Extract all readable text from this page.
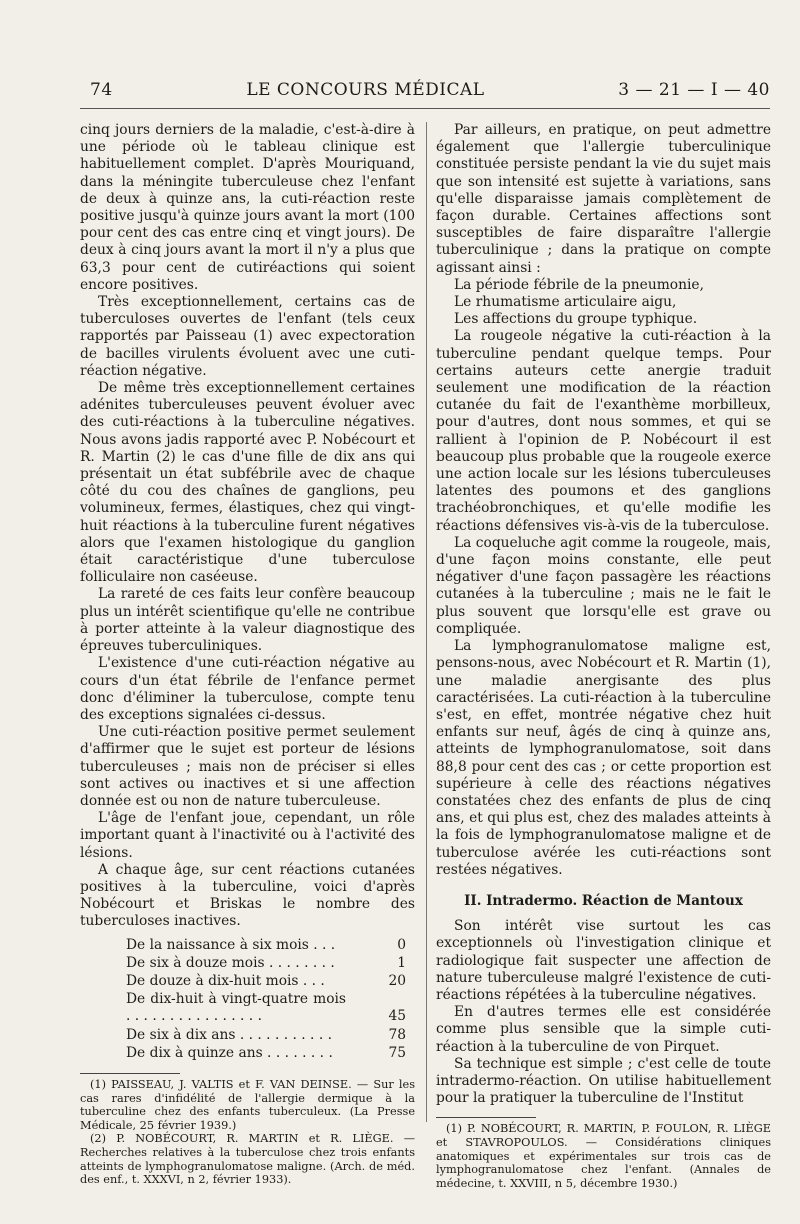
74	LE CONCOURS MÉDICAL	3 — 21 — I — 40

cinq jours derniers de la maladie, c'est-à-dire à une période où le tableau clinique est habituellement complet. D'après Mouriquand, dans la méningite tuberculeuse chez l'enfant de deux à quinze ans, la cuti-réaction reste positive jusqu'à quinze jours avant la mort (100 pour cent des cas entre cinq et vingt jours). De deux à cinq jours avant la mort il n'y a plus que 63,3 pour cent de cutiréactions qui soient encore positives.

Très exceptionnellement, certains cas de tuberculoses ouvertes de l'enfant (tels ceux rapportés par Paisseau (1) avec expectoration de bacilles virulents évoluent avec une cuti-réaction négative.

De même très exceptionnellement certaines adénites tuberculeuses peuvent évoluer avec des cuti-réactions à la tuberculine négatives. Nous avons jadis rapporté avec P. Nobécourt et R. Martin (2) le cas d'une fille de dix ans qui présentait un état subfébrile avec de chaque côté du cou des chaînes de ganglions, peu volumineux, fermes, élastiques, chez qui vingt-huit réactions à la tuberculine furent négatives alors que l'examen histologique du ganglion était caractéristique d'une tuberculose folliculaire non caséeuse.

La rareté de ces faits leur confère beaucoup plus un intérêt scientifique qu'elle ne contribue à porter atteinte à la valeur diagnostique des épreuves tuberculiniques.

L'existence d'une cuti-réaction négative au cours d'un état fébrile de l'enfance permet donc d'éliminer la tuberculose, compte tenu des exceptions signalées ci-dessus.

Une cuti-réaction positive permet seulement d'affirmer que le sujet est porteur de lésions tuberculeuses ; mais non de préciser si elles sont actives ou inactives et si une affection donnée est ou non de nature tuberculeuse.

L'âge de l'enfant joue, cependant, un rôle important quant à l'inactivité ou à l'activité des lésions.

A chaque âge, sur cent réactions cutanées positives à la tuberculine, voici d'après Nobécourt et Briskas le nombre des tuberculoses inactives.

De la naissance à six mois . . .	0
De six à douze mois . . . . . . . .	1
De douze à dix-huit mois . . .	20
De dix-huit à vingt-quatre mois . . . . . . . . . . . . . . . .	45
De six à dix ans . . . . . . . . . . .	78
De dix à quinze ans . . . . . . . .	75

(1) PAISSEAU, J. VALTIS et F. VAN DEINSE. — Sur les cas rares d'infidélité de l'allergie dermique à la tuberculine chez des enfants tuberculeux. (La Presse Médicale, 25 février 1939.)

(2) P. NOBÉCOURT, R. MARTIN et R. LIÈGE. — Recherches relatives à la tuberculose chez trois enfants atteints de lymphogranulomatose maligne. (Arch. de méd. des enf., t. XXXVI, n 2, février 1933).

Par ailleurs, en pratique, on peut admettre également que l'allergie tuberculinique constituée persiste pendant la vie du sujet mais que son intensité est sujette à variations, sans qu'elle disparaisse jamais complètement de façon durable. Certaines affections sont susceptibles de faire disparaître l'allergie tuberculinique ; dans la pratique on compte agissant ainsi :

La période fébrile de la pneumonie,

Le rhumatisme articulaire aigu,

Les affections du groupe typhique.

La rougeole négative la cuti-réaction à la tuberculine pendant quelque temps. Pour certains auteurs cette anergie traduit seulement une modification de la réaction cutanée du fait de l'exanthème morbilleux, pour d'autres, dont nous sommes, et qui se rallient à l'opinion de P. Nobécourt il est beaucoup plus probable que la rougeole exerce une action locale sur les lésions tuberculeuses latentes des poumons et des ganglions trachéobronchiques, et qu'elle modifie les réactions défensives vis-à-vis de la tuberculose.

La coqueluche agit comme la rougeole, mais, d'une façon moins constante, elle peut négativer d'une façon passagère les réactions cutanées à la tuberculine ; mais ne le fait le plus souvent que lorsqu'elle est grave ou compliquée.

La lymphogranulomatose maligne est, pensons-nous, avec Nobécourt et R. Martin (1), une maladie anergisante des plus caractérisées. La cuti-réaction à la tuberculine s'est, en effet, montrée négative chez huit enfants sur neuf, âgés de cinq à quinze ans, atteints de lymphogranulomatose, soit dans 88,8 pour cent des cas ; or cette proportion est supérieure à celle des réactions négatives constatées chez des enfants de plus de cinq ans, et qui plus est, chez des malades atteints à la fois de lymphogranulomatose maligne et de tuberculose avérée les cuti-réactions sont restées négatives.

II. Intradermo. Réaction de Mantoux

Son intérêt vise surtout les cas exceptionnels où l'investigation clinique et radiologique fait suspecter une affection de nature tuberculeuse malgré l'existence de cuti-réactions répétées à la tuberculine négatives.

En d'autres termes elle est considérée comme plus sensible que la simple cuti-réaction à la tuberculine de von Pirquet.

Sa technique est simple ; c'est celle de toute intradermo-réaction. On utilise habituellement pour la pratiquer la tuberculine de l'Institut

(1) P. NOBÉCOURT, R. MARTIN, P. FOULON, R. LIÈGE et STAVROPOULOS. — Considérations cliniques anatomiques et expérimentales sur trois cas de lymphogranulomatose chez l'enfant. (Annales de médecine, t. XXVIII, n 5, décembre 1930.)
